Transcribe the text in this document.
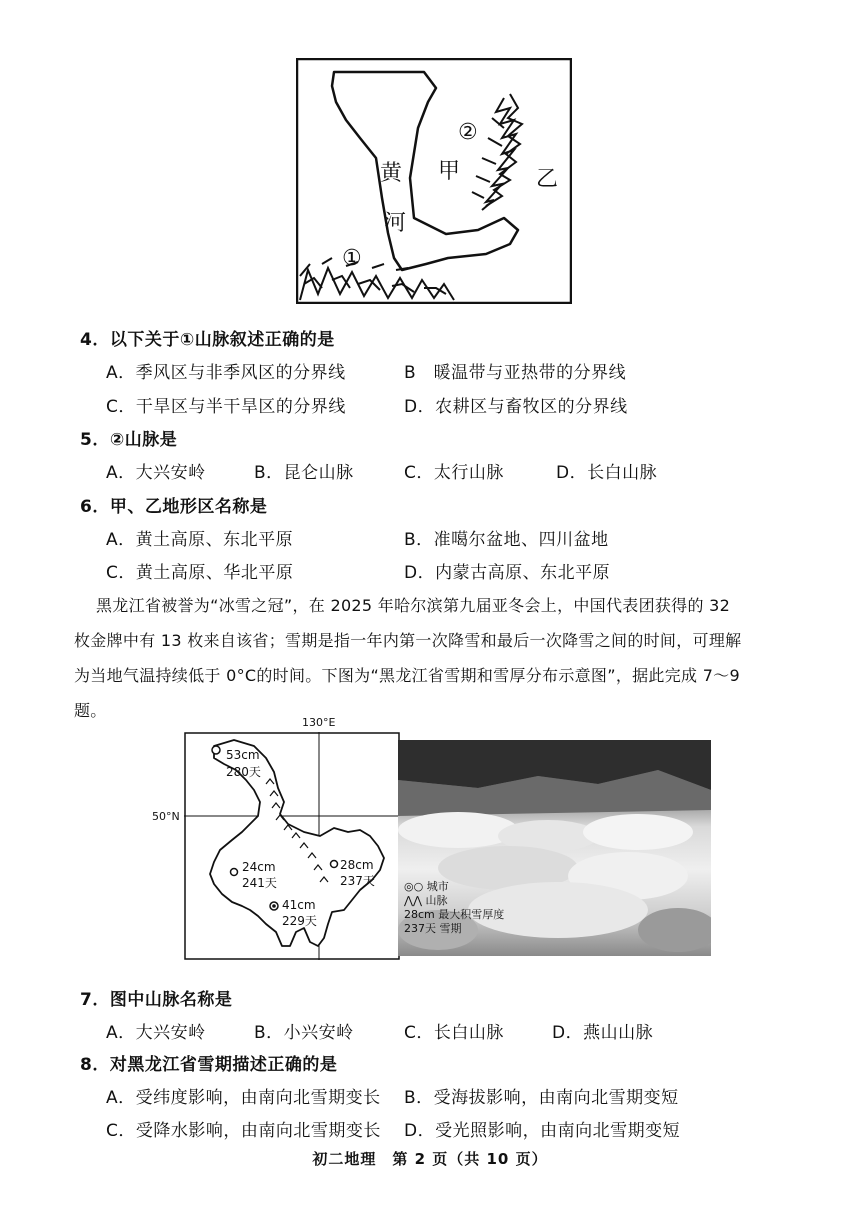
黄
河
甲	乙
①
②
4．以下关于①山脉叙述正确的是
A．季风区与非季风区的分界线	B　暖温带与亚热带的分界线
C．干旱区与半干旱区的分界线	D．农耕区与畜牧区的分界线
5．②山脉是
A．大兴安岭	B．昆仑山脉	C．太行山脉	D．长白山脉
6．甲、乙地形区名称是
A．黄土高原、东北平原	B．准噶尔盆地、四川盆地
C．黄土高原、华北平原	D．内蒙古高原、东北平原
黑龙江省被誉为“冰雪之冠”，在 2025 年哈尔滨第九届亚冬会上，中国代表团获得的 32
枚金牌中有 13 枚来自该省；雪期是指一年内第一次降雪和最后一次降雪之间的时间，可理解
为当地气温持续低于 0°C的时间。下图为“黑龙江省雪期和雪厚分布示意图”，据此完成 7～9
题。
130°E
50°N
53cm
280天
24cm
241天
41cm
229天
28cm
237天	◎○ 城市
⋀⋀ 山脉
28cm 最大积雪厚度
237天 雪期
7．图中山脉名称是
A．大兴安岭	B．小兴安岭	C．长白山脉	D．燕山山脉
8．对黑龙江省雪期描述正确的是
A．受纬度影响，由南向北雪期变长 B．受海拔影响，由南向北雪期变短
C．受降水影响，由南向北雪期变长 D．受光照影响，由南向北雪期变短
初二地理　第 2 页（共 10 页）
